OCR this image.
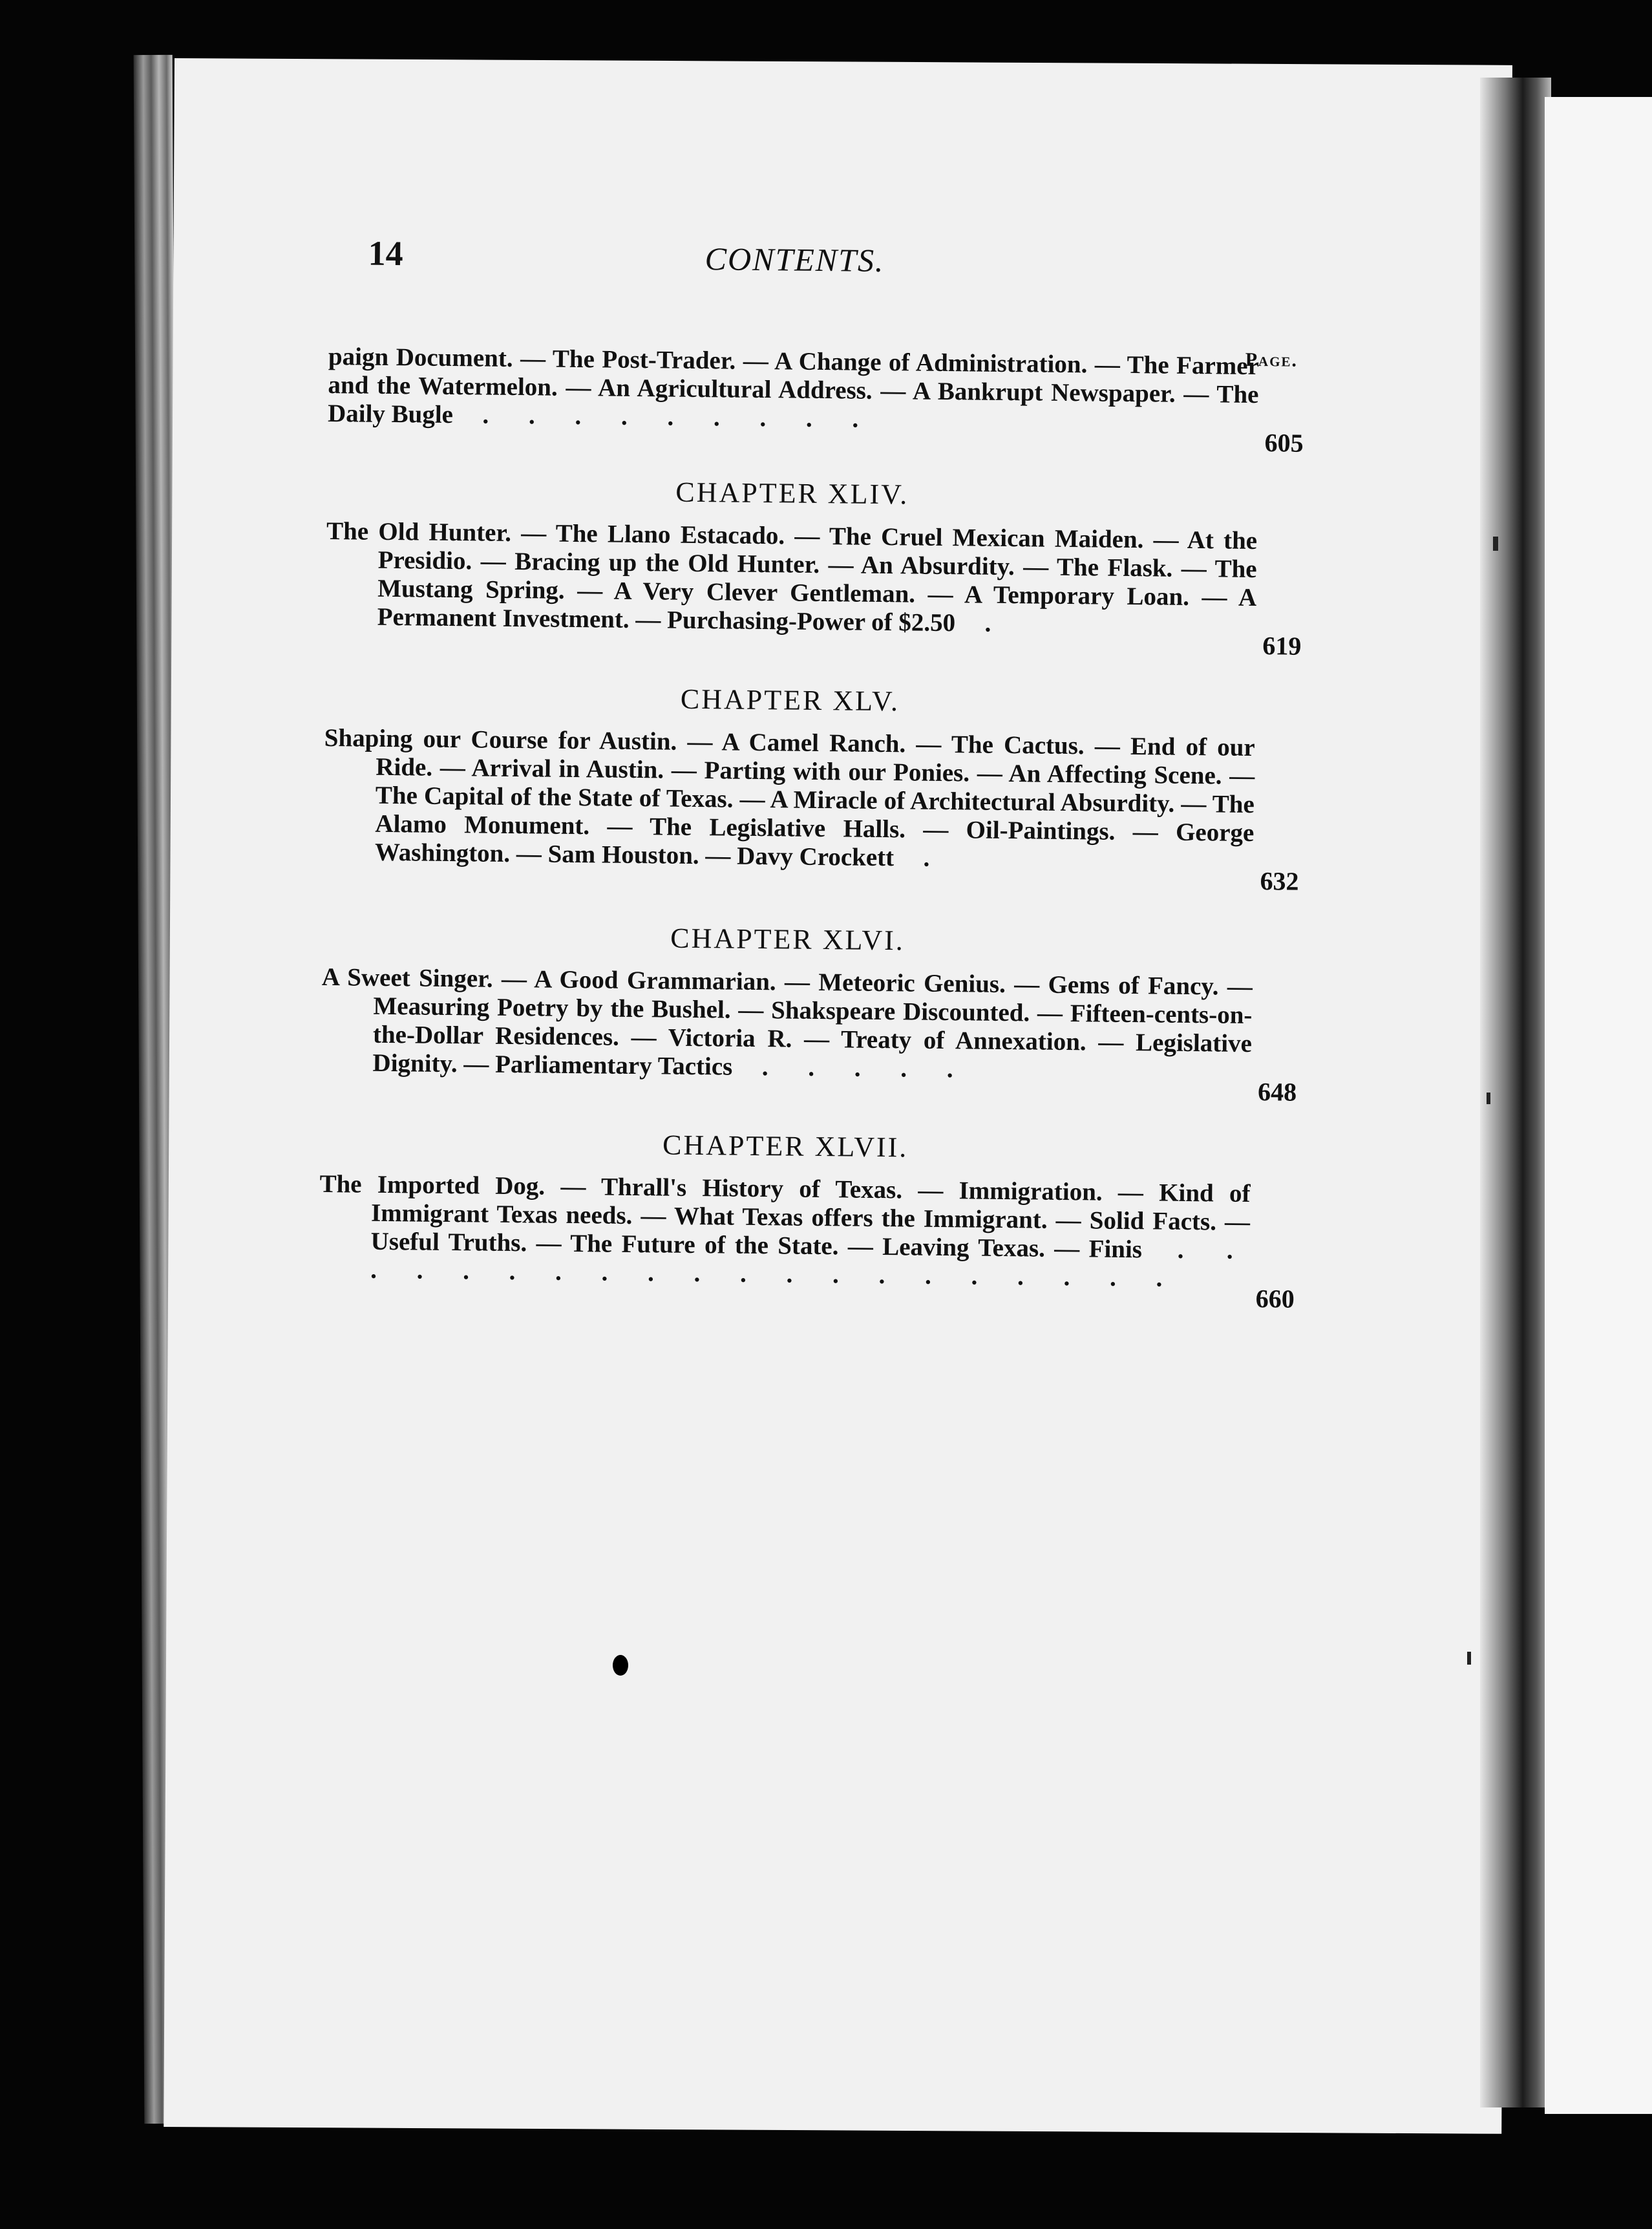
14	CONTENTS.
Page.
paign Document. — The Post-Trader. — A Change of Administration. — The Farmer and the Watermelon. — An Agricultural Address. — A Bankrupt Newspaper. — The Daily Bugle  . . . . . . . . .
605
CHAPTER XLIV.
The Old Hunter. — The Llano Estacado. — The Cruel Mexican Maiden. — At the Presidio. — Bracing up the Old Hunter. — An Absurdity. — The Flask. — The Mustang Spring. — A Very Clever Gentleman. — A Temporary Loan. — A Permanent Investment. — Purchasing-Power of $2.50  .
619
CHAPTER XLV.
Shaping our Course for Austin. — A Camel Ranch. — The Cactus. — End of our Ride. — Arrival in Austin. — Parting with our Ponies. — An Affecting Scene. — The Capital of the State of Texas. — A Miracle of Architectural Absurdity. — The Alamo Monument. — The Legislative Halls. — Oil-Paintings. — George Washington. — Sam Houston. — Davy Crockett  .
632
CHAPTER XLVI.
A Sweet Singer. — A Good Grammarian. — Meteoric Genius. — Gems of Fancy. — Measuring Poetry by the Bushel. — Shakspeare Discounted. — Fifteen-cents-on-the-Dollar Residences. — Victoria R. — Treaty of Annexation. — Legislative Dignity. — Parliamentary Tactics  . . . . .
648
CHAPTER XLVII.
The Imported Dog. — Thrall's History of Texas. — Immigration. — Kind of Immigrant Texas needs. — What Texas offers the Immigrant. — Solid Facts. — Useful Truths. — The Future of the State. — Leaving Texas. — Finis  . . . . . . . . . . . . . . . . . . . .
660
